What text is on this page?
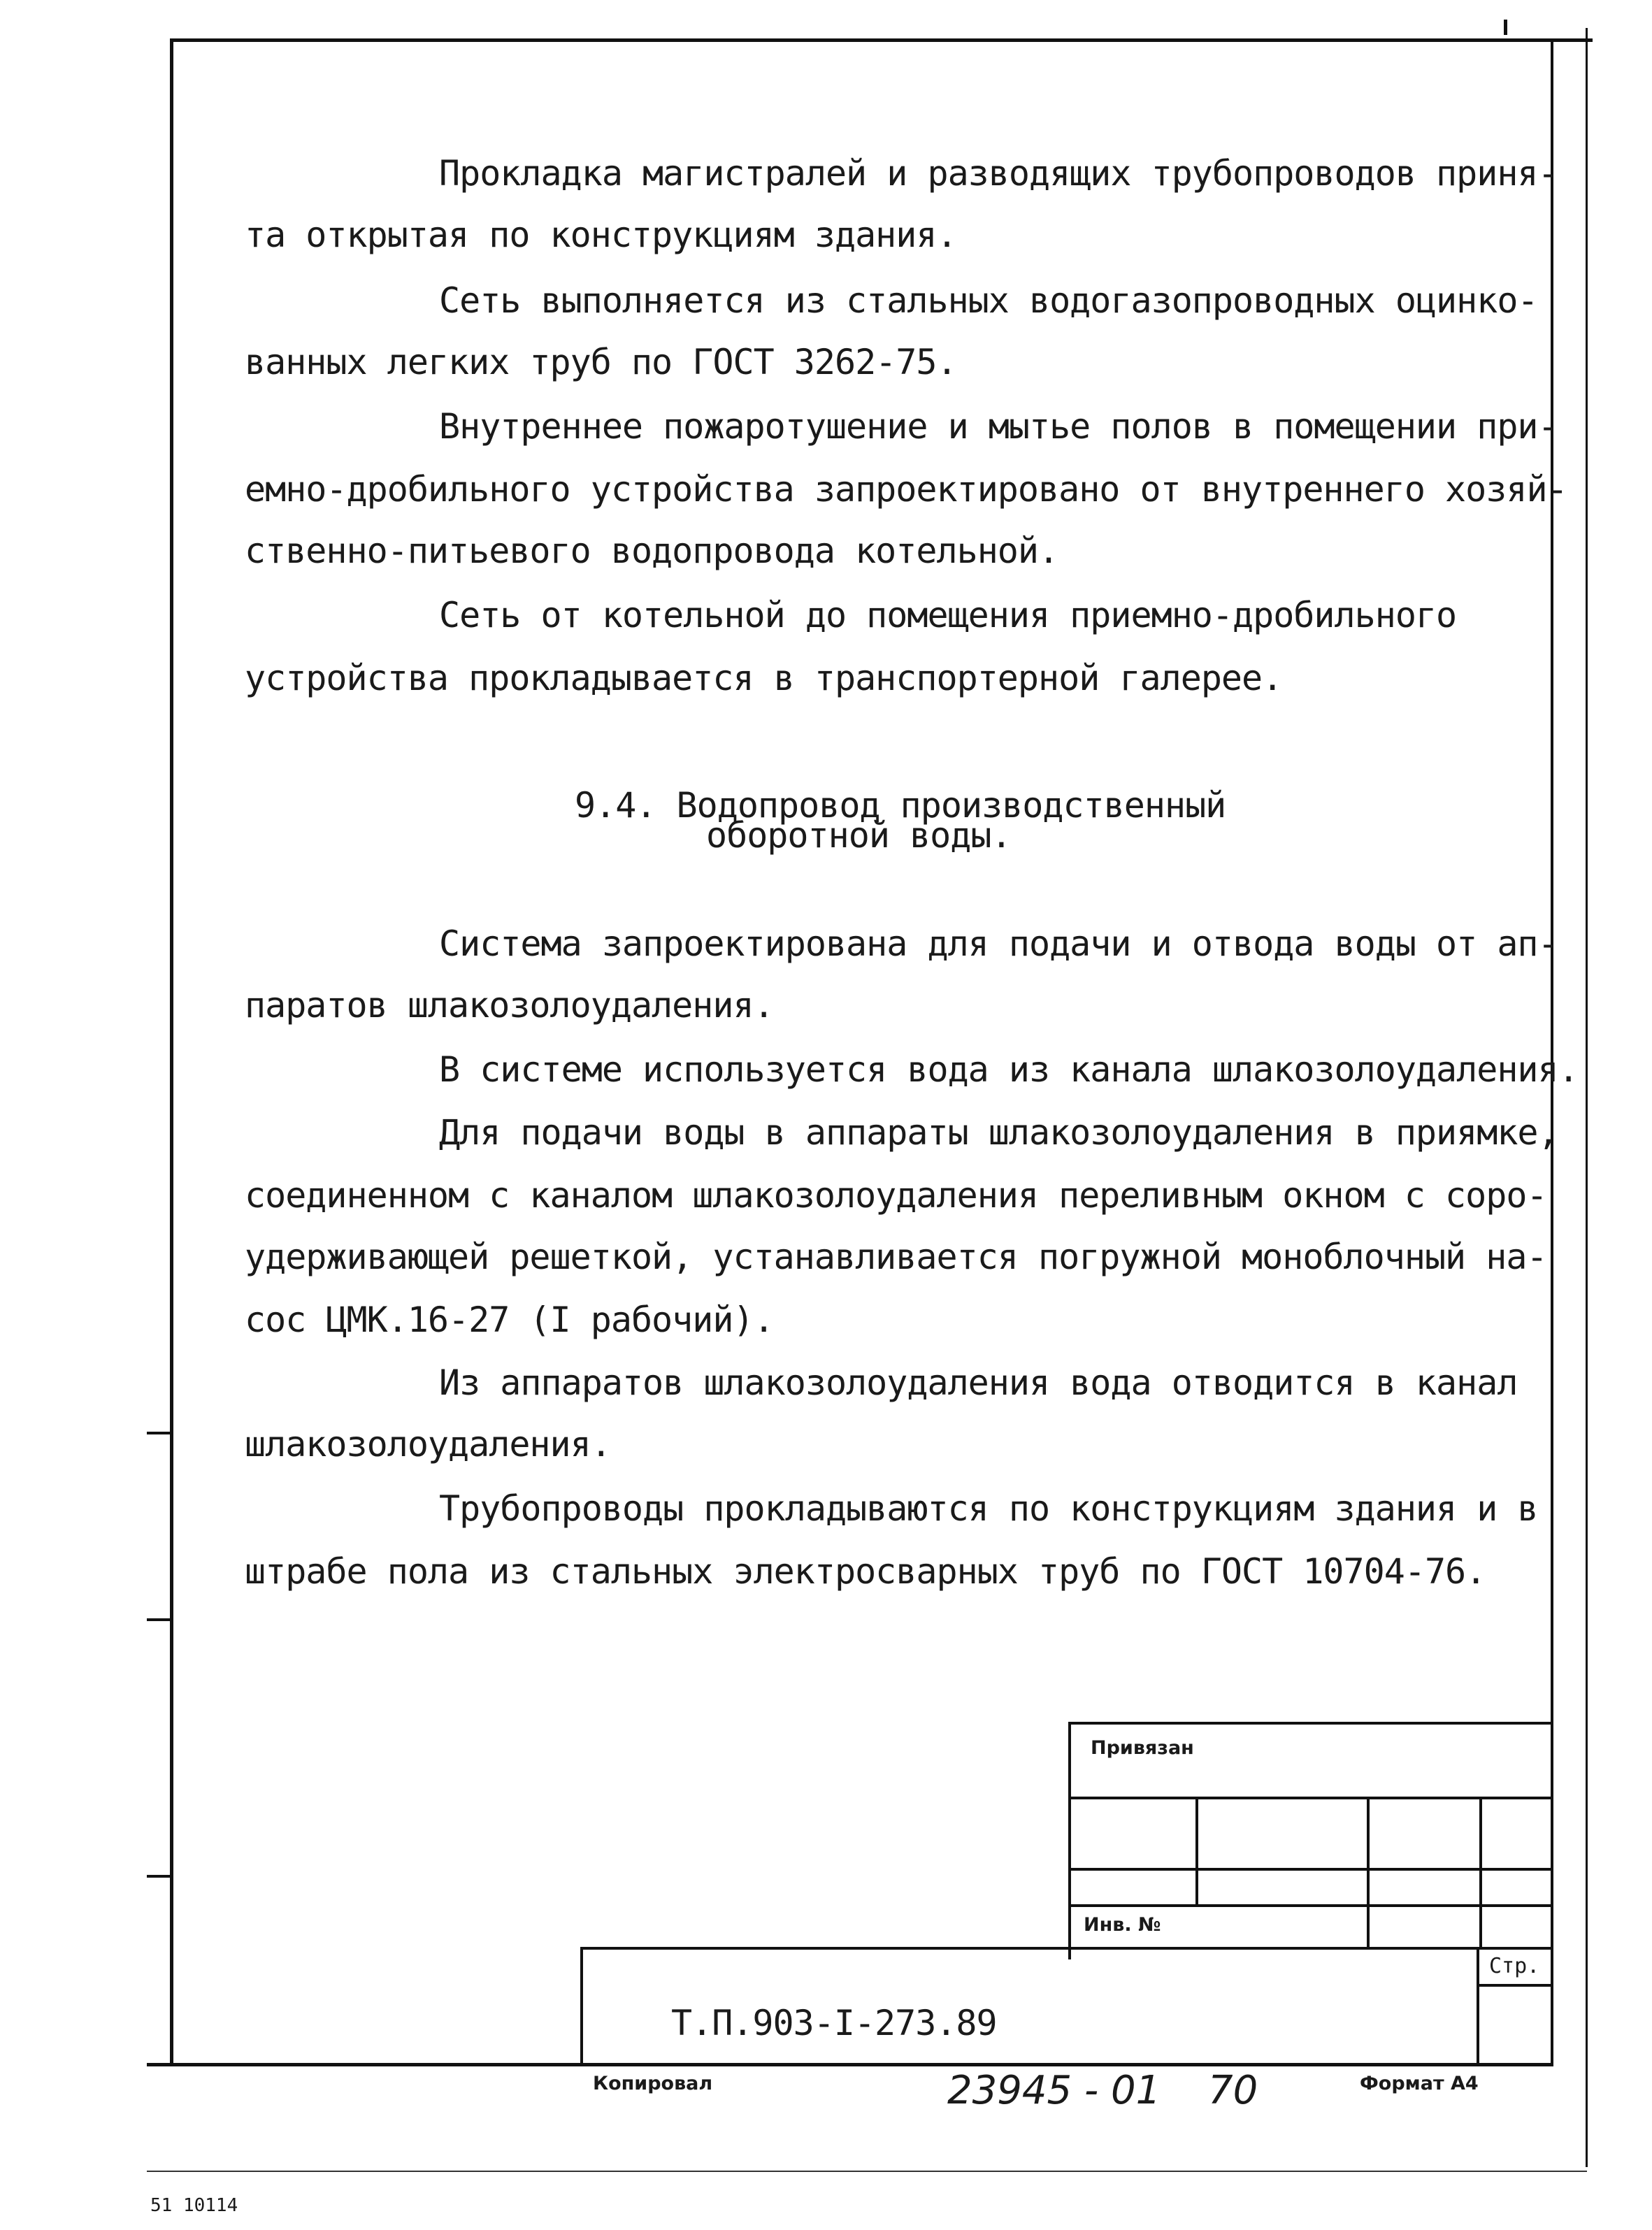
Прокладка магистралей и разводящих трубопроводов приня-
та открытая по конструкциям здания.
Сеть выполняется из стальных водогазопроводных оцинко-
ванных легких труб по ГОСТ 3262-75.
Внутреннее пожаротушение и мытье полов в помещении при-
емно-дробильного устройства запроектировано от внутреннего хозяй-
ственно-питьевого водопровода котельной.
Сеть от котельной до помещения приемно-дробильного
устройства прокладывается в транспортерной галерее.
9.4. Водопровод производственный
оборотной воды.
Система запроектирована для подачи и отвода воды от ап-
паратов шлакозолоудаления.
В системе используется вода из канала шлакозолоудаления.
Для подачи воды в аппараты шлакозолоудаления в приямке,
соединенном с каналом шлакозолоудаления переливным окном с соро-
удерживающей решеткой, устанавливается погружной моноблочный на-
сос ЦМК.16-27 (I рабочий).
Из аппаратов шлакозолоудаления вода отводится в канал
шлакозолоудаления.
Трубопроводы прокладываются по конструкциям здания и в
штрабе пола из стальных электросварных труб по ГОСТ 10704-76.
Привязан
Инв. №
Стр.
Т.П.903-I-273.89
Копировал	23945 - 01 70	Формат А4
51 10114
